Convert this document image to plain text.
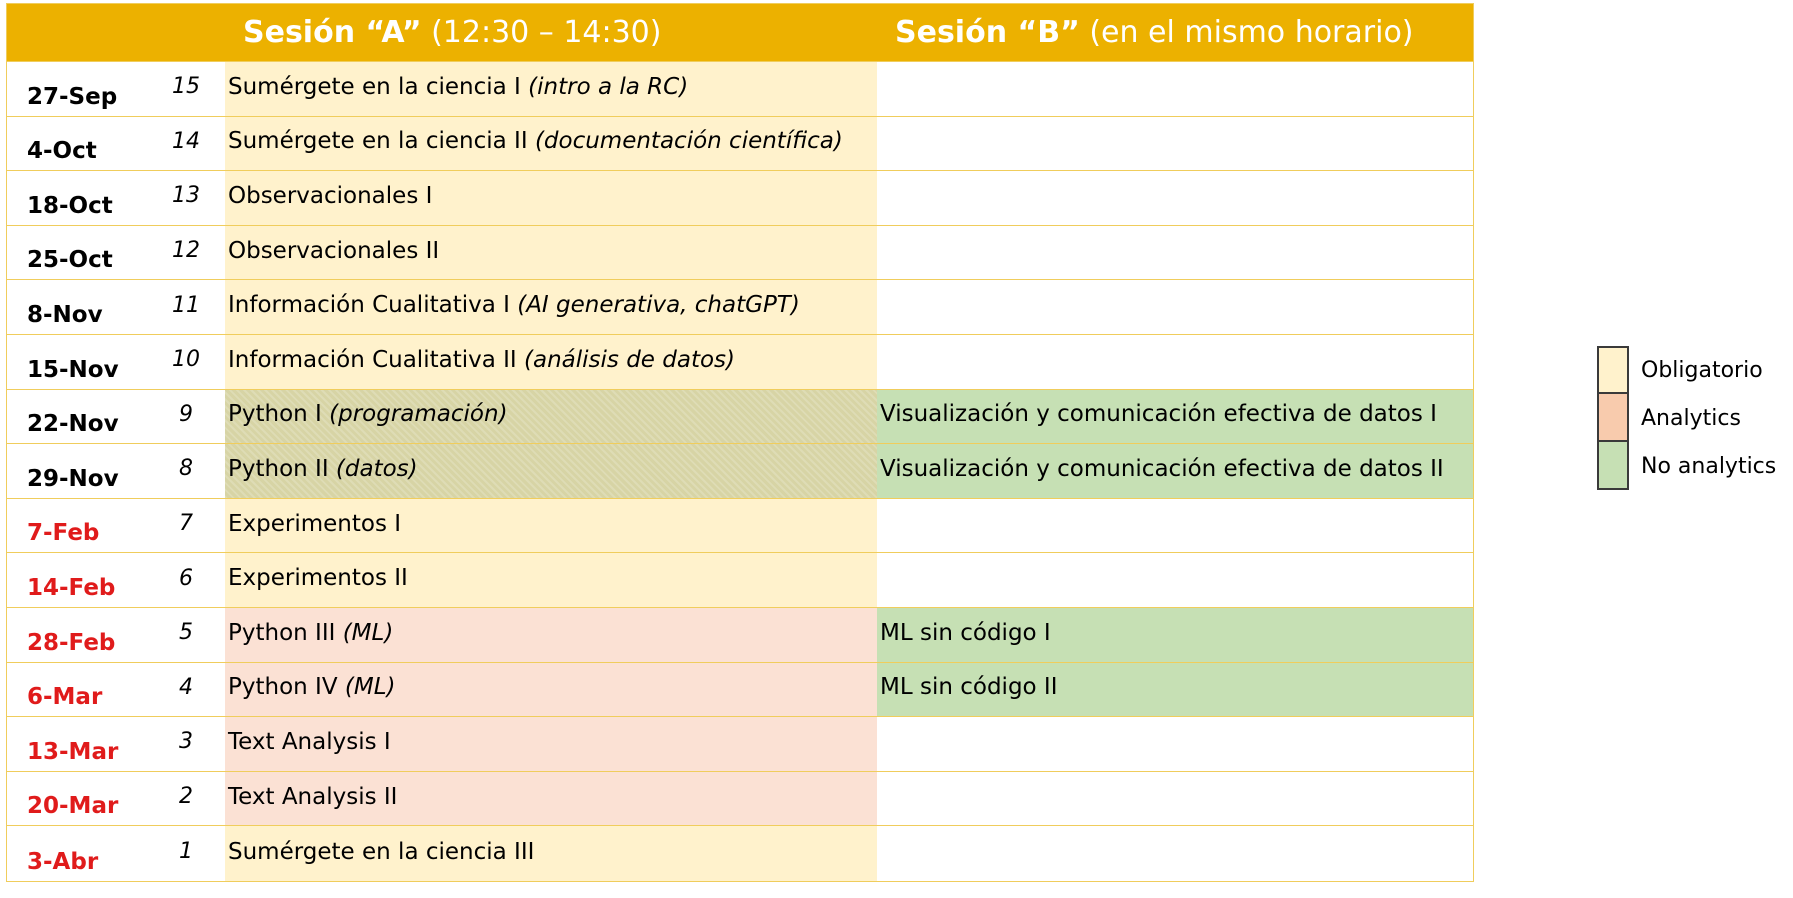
Sesión “A” (12:30 – 14:30)	Sesión “B” (en el mismo horario)
27-Sep	15	Sumérgete en la ciencia I (intro a la RC)
4-Oct	14	Sumérgete en la ciencia II (documentación científica)
18-Oct	13	Observacionales I
25-Oct	12	Observacionales II
8-Nov	11	Información Cualitativa I (AI generativa, chatGPT)
15-Nov	10	Información Cualitativa II (análisis de datos)
22-Nov	9	Python I (programación)	Visualización y comunicación efectiva de datos I
29-Nov	8	Python II (datos)	Visualización y comunicación efectiva de datos II
7-Feb	7	Experimentos I
14-Feb	6	Experimentos II
28-Feb	5	Python III (ML)	ML sin código I
6-Mar	4	Python IV (ML)	ML sin código II
13-Mar	3	Text Analysis I
20-Mar	2	Text Analysis II
3-Abr	1	Sumérgete en la ciencia III
Obligatorio
Analytics
No analytics
